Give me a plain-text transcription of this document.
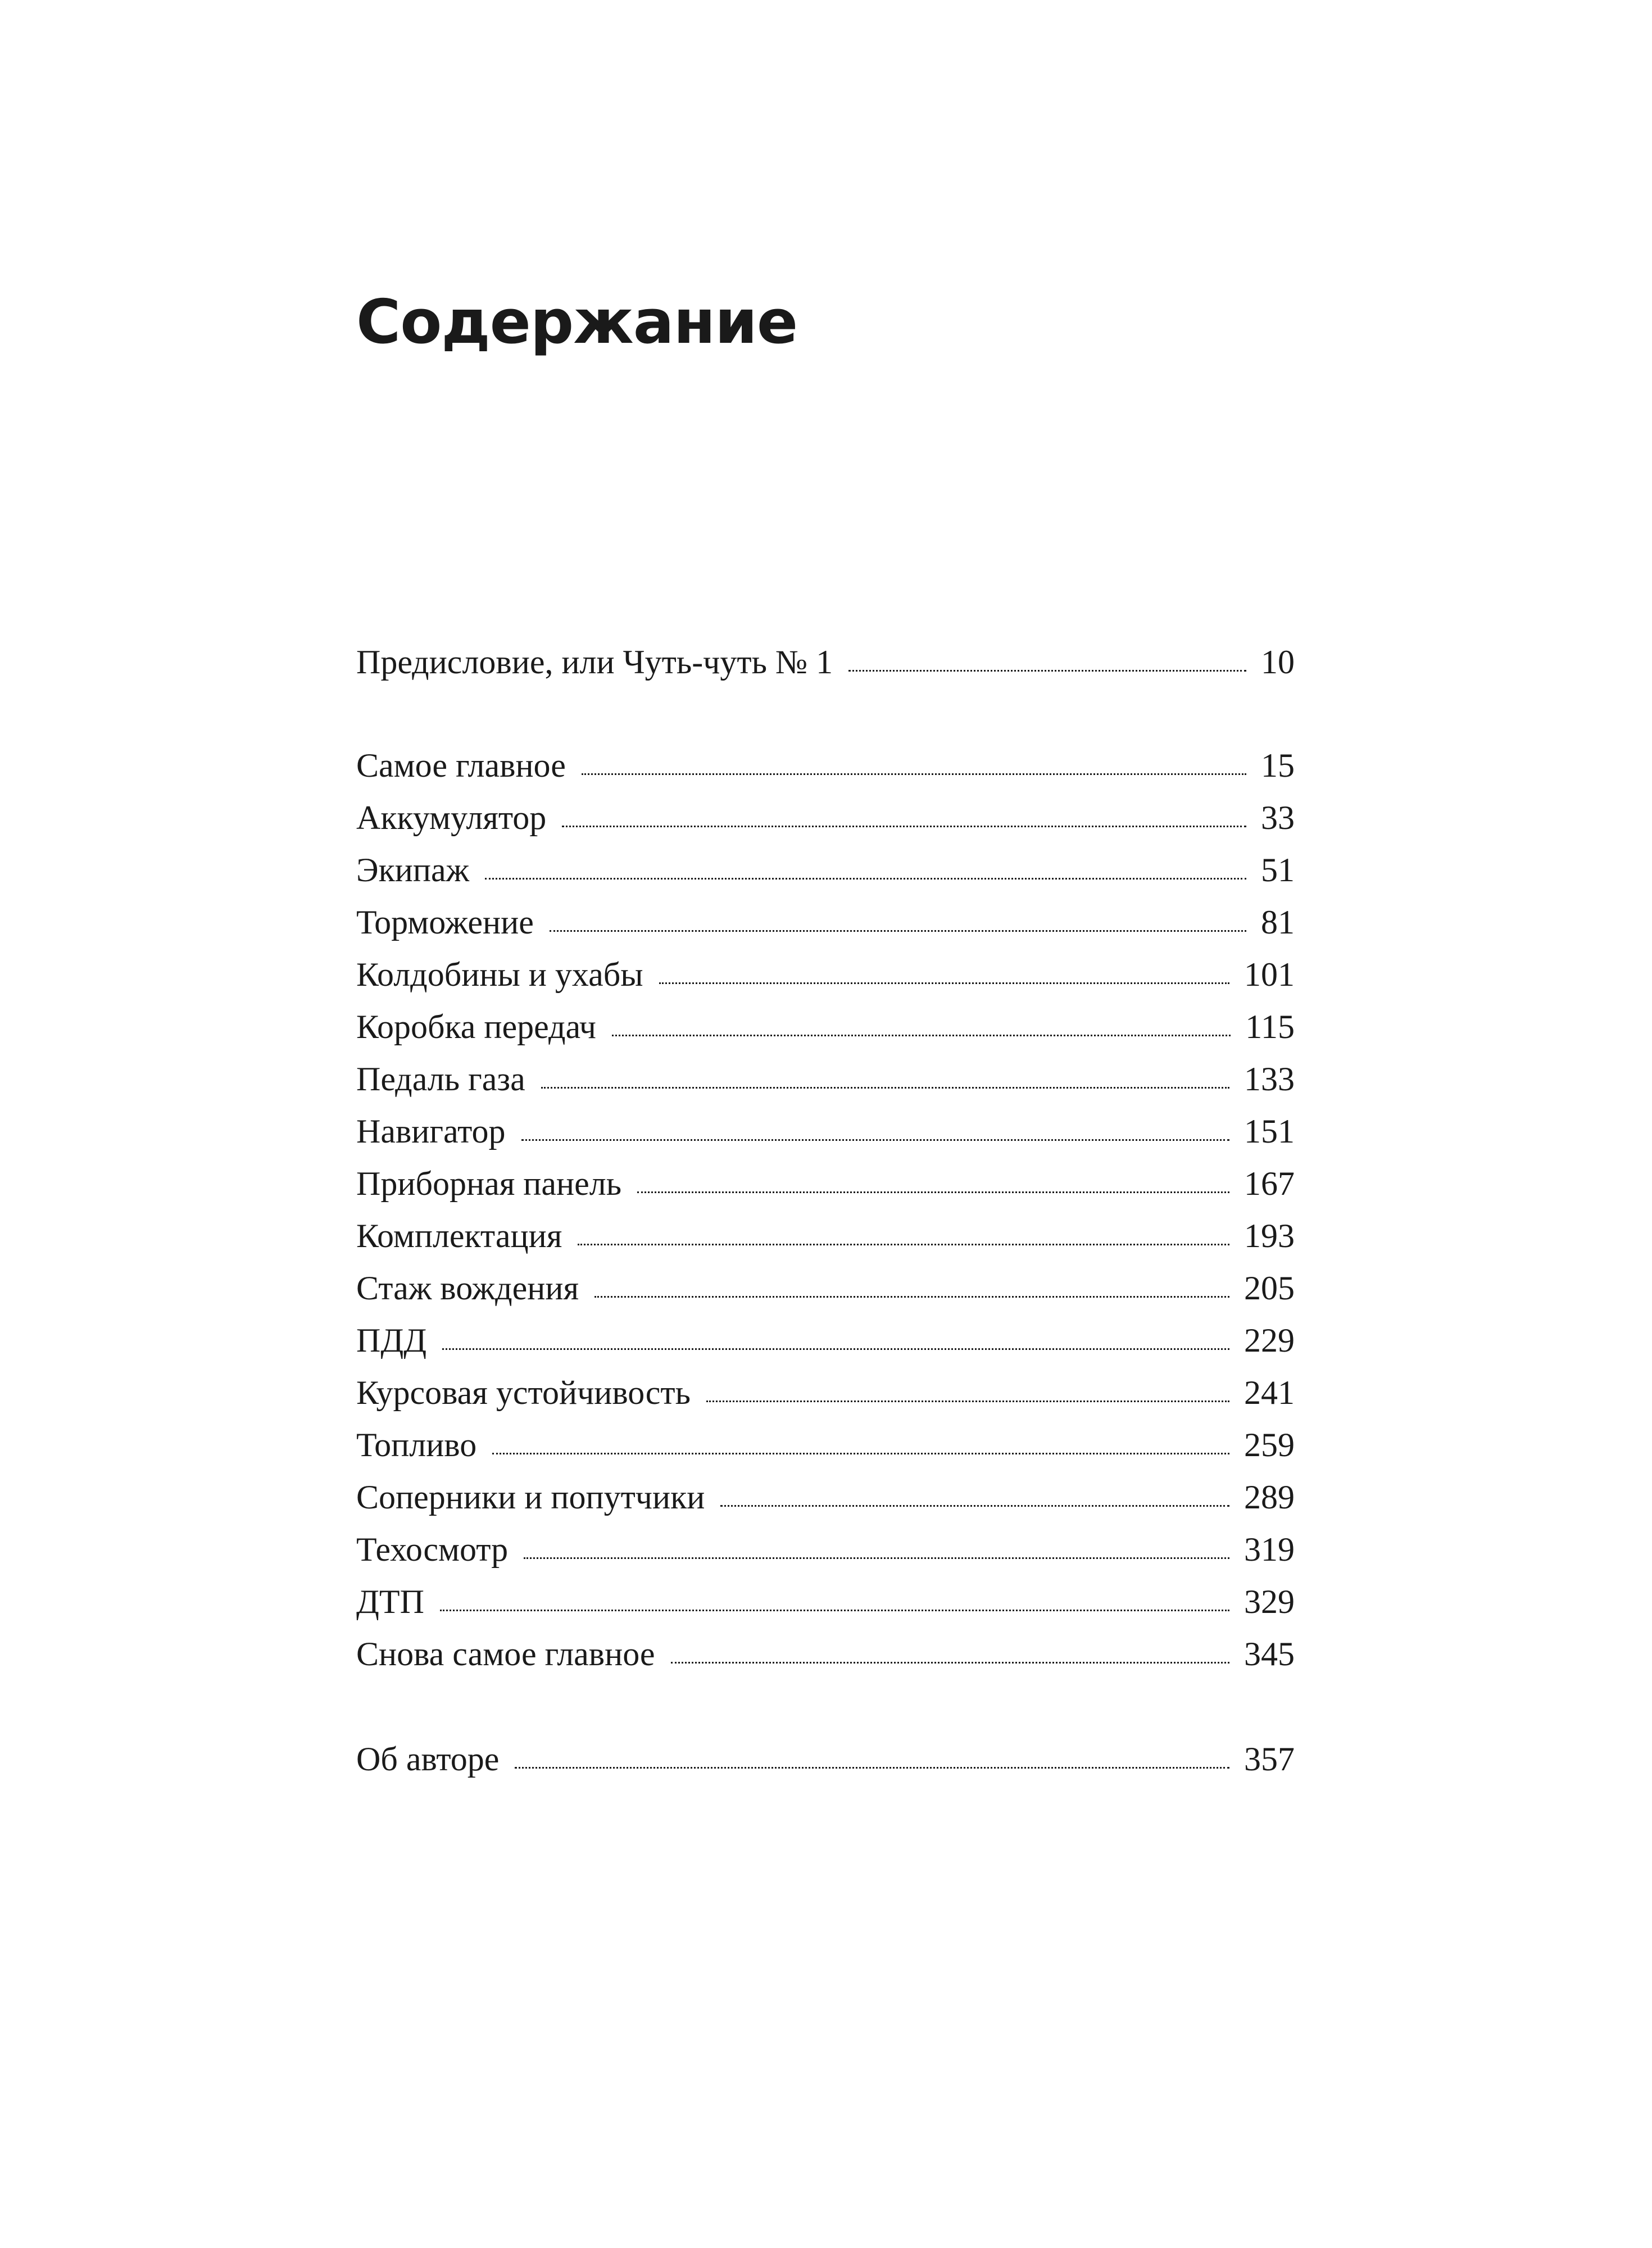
Содержание
Предисловие, или Чуть-чуть № 1	10
Самое главное	15
Аккумулятор	33
Экипаж	51
Торможение	81
Колдобины и ухабы	101
Коробка передач	115
Педаль газа	133
Навигатор	151
Приборная панель	167
Комплектация	193
Стаж вождения	205
ПДД	229
Курсовая устойчивость	241
Топливо	259
Соперники и попутчики	289
Техосмотр	319
ДТП	329
Снова самое главное	345
Об авторе	357
